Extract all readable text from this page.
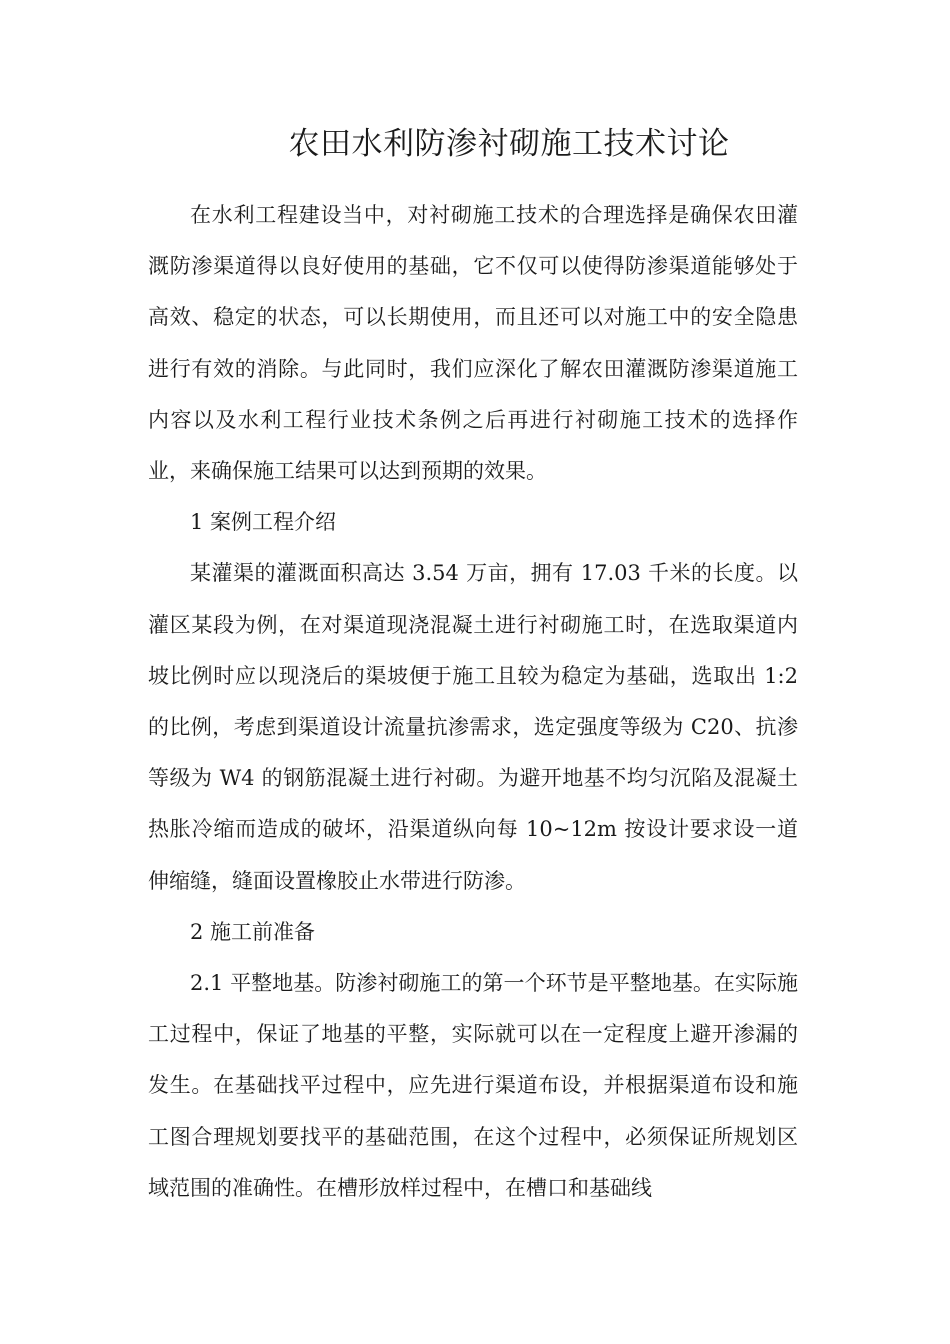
农田水利防渗衬砌施工技术讨论

在水利工程建设当中，对衬砌施工技术的合理选择是确保农田灌溉防渗渠道得以良好使用的基础，它不仅可以使得防渗渠道能够处于高效、稳定的状态，可以长期使用，而且还可以对施工中的安全隐患进行有效的消除。与此同时，我们应深化了解农田灌溉防渗渠道施工内容以及水利工程行业技术条例之后再进行衬砌施工技术的选择作业，来确保施工结果可以达到预期的效果。

1 案例工程介绍

某灌渠的灌溉面积高达 3.54 万亩，拥有 17.03 千米的长度。以灌区某段为例，在对渠道现浇混凝土进行衬砌施工时，在选取渠道内坡比例时应以现浇后的渠坡便于施工且较为稳定为基础，选取出 1:2 的比例，考虑到渠道设计流量抗渗需求，选定强度等级为 C20、抗渗等级为 W4 的钢筋混凝土进行衬砌。为避开地基不均匀沉陷及混凝土热胀冷缩而造成的破坏，沿渠道纵向每 10~12m 按设计要求设一道伸缩缝，缝面设置橡胶止水带进行防渗。

2 施工前准备

2.1 平整地基。防渗衬砌施工的第一个环节是平整地基。在实际施工过程中，保证了地基的平整，实际就可以在一定程度上避开渗漏的发生。在基础找平过程中，应先进行渠道布设，并根据渠道布设和施工图合理规划要找平的基础范围，在这个过程中，必须保证所规划区域范围的准确性。在槽形放样过程中，在槽口和基础线
